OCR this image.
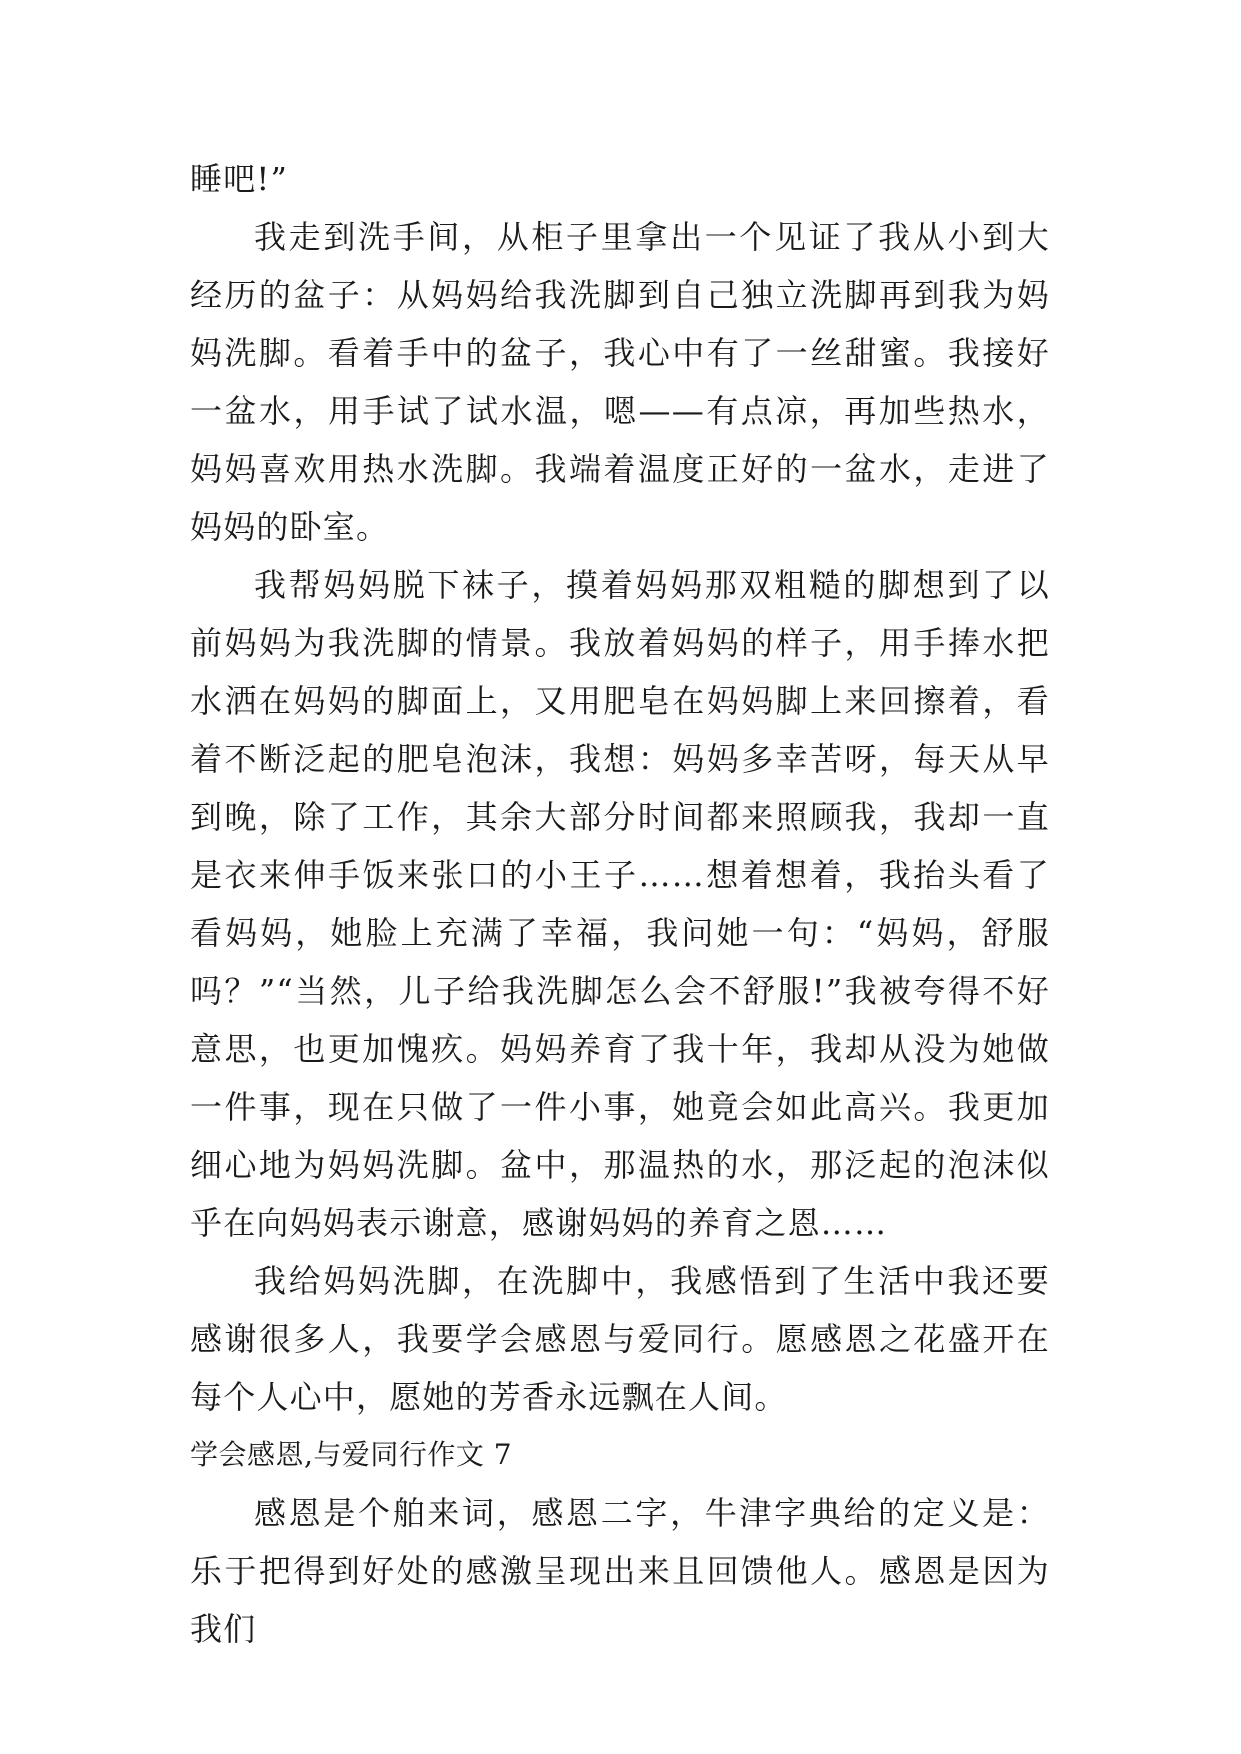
睡吧!”

我走到洗手间，从柜子里拿出一个见证了我从小到大经历的盆子：从妈妈给我洗脚到自己独立洗脚再到我为妈妈洗脚。看着手中的盆子，我心中有了一丝甜蜜。我接好一盆水，用手试了试水温，嗯——有点凉，再加些热水，妈妈喜欢用热水洗脚。我端着温度正好的一盆水，走进了妈妈的卧室。

我帮妈妈脱下袜子，摸着妈妈那双粗糙的脚想到了以前妈妈为我洗脚的情景。我放着妈妈的样子，用手捧水把水洒在妈妈的脚面上，又用肥皂在妈妈脚上来回擦着，看着不断泛起的肥皂泡沫，我想：妈妈多幸苦呀，每天从早到晚，除了工作，其余大部分时间都来照顾我，我却一直是衣来伸手饭来张口的小王子……想着想着，我抬头看了看妈妈，她脸上充满了幸福，我问她一句：“妈妈，舒服吗？”“当然，儿子给我洗脚怎么会不舒服!”我被夸得不好意思，也更加愧疚。妈妈养育了我十年，我却从没为她做一件事，现在只做了一件小事，她竟会如此高兴。我更加细心地为妈妈洗脚。盆中，那温热的水，那泛起的泡沫似乎在向妈妈表示谢意，感谢妈妈的养育之恩……

我给妈妈洗脚，在洗脚中，我感悟到了生活中我还要感谢很多人，我要学会感恩与爱同行。愿感恩之花盛开在每个人心中，愿她的芳香永远飘在人间。

学会感恩,与爱同行作文 7

感恩是个舶来词，感恩二字，牛津字典给的定义是：乐于把得到好处的感激呈现出来且回馈他人。感恩是因为我们
